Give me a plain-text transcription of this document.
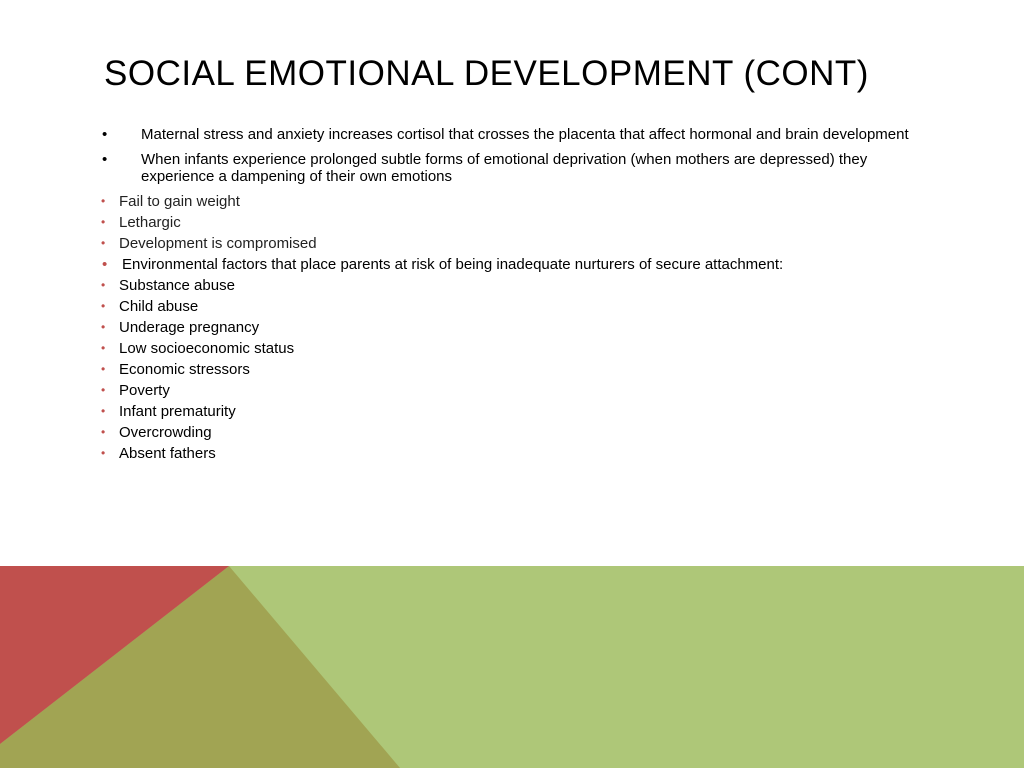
SOCIAL EMOTIONAL DEVELOPMENT (CONT)
• Maternal stress and anxiety increases cortisol that crosses the placenta that affect hormonal and brain development
• When infants experience prolonged subtle forms of emotional deprivation (when mothers are depressed) they experience a dampening of their own emotions
• Fail to gain weight
• Lethargic
• Development is compromised
• Environmental factors that place parents at risk of being inadequate nurturers of secure attachment:
• Substance abuse
• Child abuse
• Underage pregnancy
• Low socioeconomic status
• Economic stressors
• Poverty
• Infant prematurity
• Overcrowding
• Absent fathers
